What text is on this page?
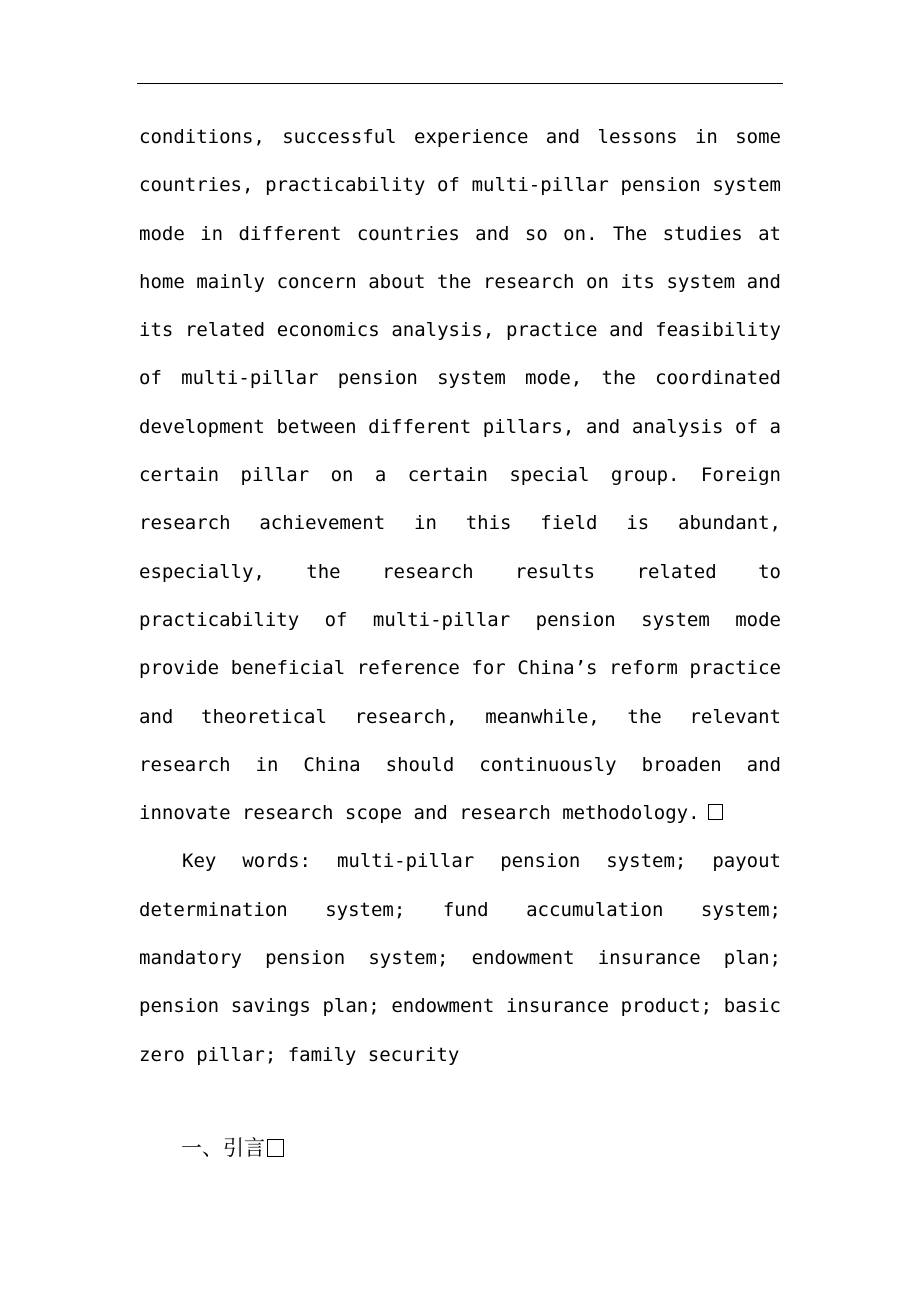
conditions, successful experience and lessons in some countries, practicability of multi-pillar pension system mode in different countries and so on. The studies at home mainly concern about the research on its system and its related economics analysis, practice and feasibility of multi-pillar pension system mode, the coordinated development between different pillars, and analysis of a certain pillar on a certain special group. Foreign research achievement in this field is abundant, especially, the research results related to practicability of multi-pillar pension system mode provide beneficial reference for China’s reform practice and theoretical research, meanwhile, the relevant research in China should continuously broaden and innovate research scope and research methodology.

Key words: multi-pillar pension system; payout determination system; fund accumulation system; mandatory pension system; endowment insurance plan; pension savings plan; endowment insurance product; basic zero pillar; family security

一、引言
